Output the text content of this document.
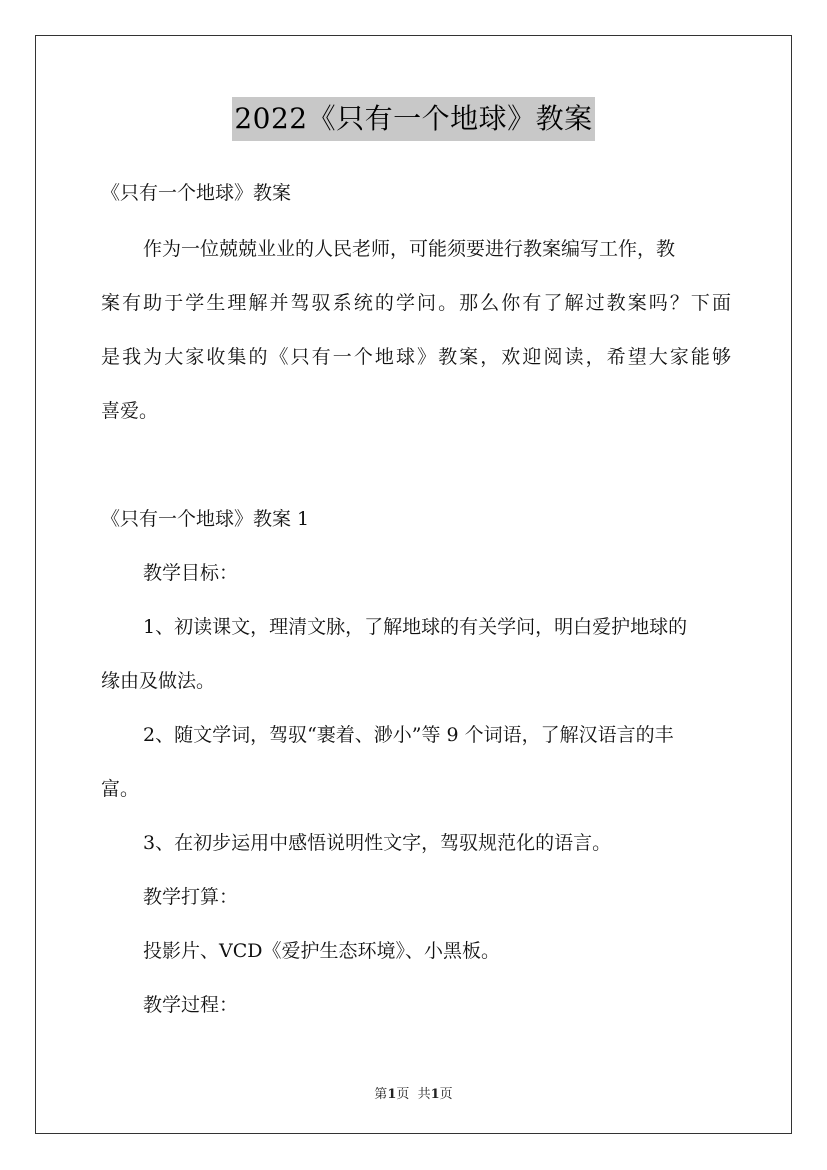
2022《只有一个地球》教案
《只有一个地球》教案
作为一位兢兢业业的人民老师，可能须要进行教案编写工作，教
案有助于学生理解并驾驭系统的学问。那么你有了解过教案吗？下面
是我为大家收集的《只有一个地球》教案，欢迎阅读，希望大家能够
喜爱。
《只有一个地球》教案 1
教学目标：
1、初读课文，理清文脉，了解地球的有关学问，明白爱护地球的
缘由及做法。
2、随文学词，驾驭“裹着、渺小”等 9 个词语，了解汉语言的丰
富。
3、在初步运用中感悟说明性文字，驾驭规范化的语言。
教学打算：
投影片、VCD《爱护生态环境》、小黑板。
教学过程：
第1页  共1页
